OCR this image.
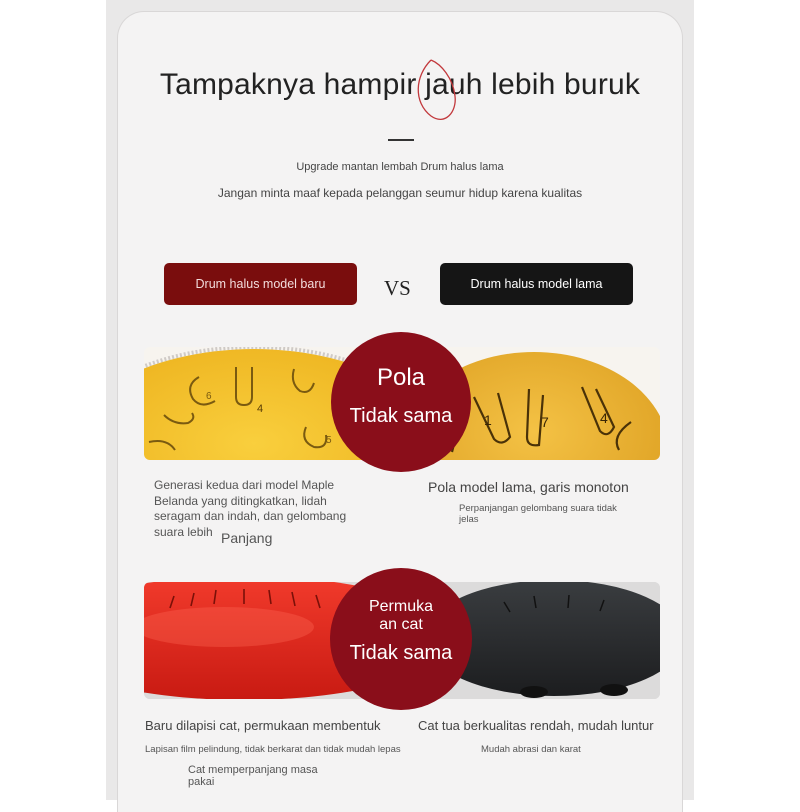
Tampaknya hampir jauh lebih buruk
Upgrade mantan lembah Drum halus lama
Jangan minta maaf kepada pelanggan seumur hidup karena kualitas
Drum halus model baru	VS	Drum halus model lama
6
4
5
1	7	4
Pola
Tidak sama
Generasi kedua dari model Maple Belanda yang ditingkatkan, lidah seragam dan indah, dan gelombang suara lebih Panjang
Pola model lama, garis monoton
Perpanjangan gelombang suara tidak jelas
Permuka
an cat
Tidak sama
Baru dilapisi cat, permukaan membentuk
Lapisan film pelindung, tidak berkarat dan tidak mudah lepas
Cat memperpanjang masa pakai
Cat tua berkualitas rendah, mudah luntur
Mudah abrasi dan karat
